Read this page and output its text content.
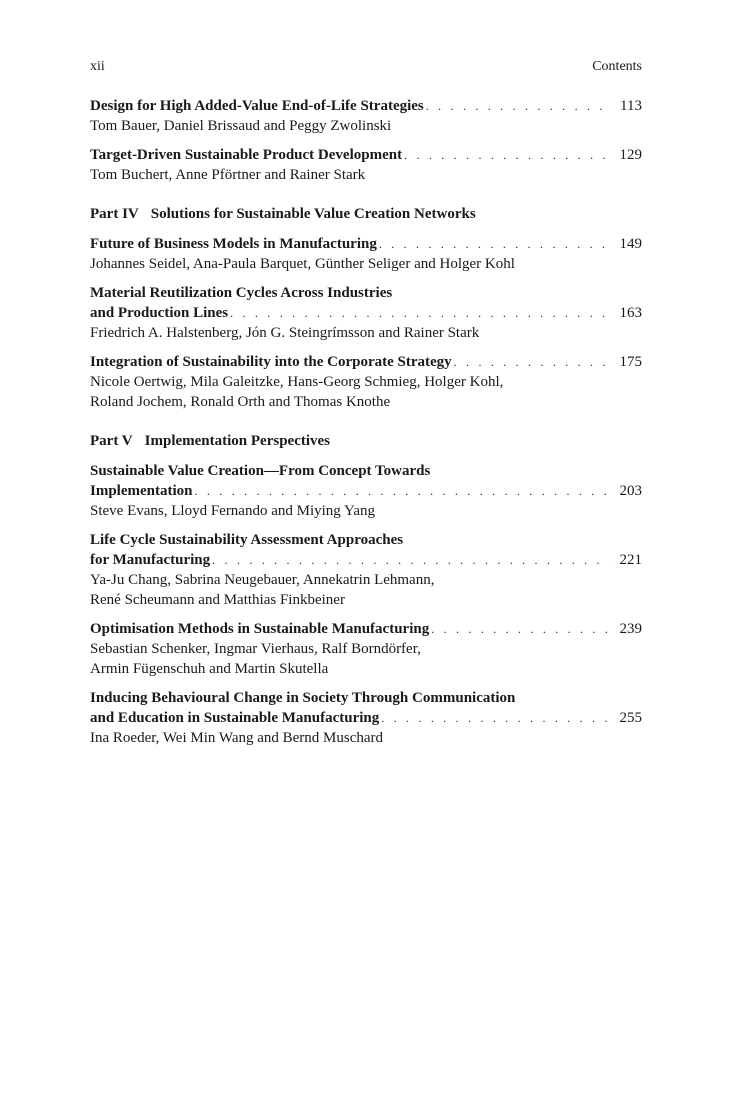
xii	Contents
Design for High Added-Value End-of-Life Strategies . . .	113
Tom Bauer, Daniel Brissaud and Peggy Zwolinski
Target-Driven Sustainable Product Development . . .	129
Tom Buchert, Anne Pförtner and Rainer Stark
Part IV Solutions for Sustainable Value Creation Networks
Future of Business Models in Manufacturing . . .	149
Johannes Seidel, Ana-Paula Barquet, Günther Seliger and Holger Kohl
Material Reutilization Cycles Across Industries
and Production Lines . . .	163
Friedrich A. Halstenberg, Jón G. Steingrímsson and Rainer Stark
Integration of Sustainability into the Corporate Strategy . . .	175
Nicole Oertwig, Mila Galeitzke, Hans-Georg Schmieg, Holger Kohl,
Roland Jochem, Ronald Orth and Thomas Knothe
Part V Implementation Perspectives
Sustainable Value Creation—From Concept Towards
Implementation . . .	203
Steve Evans, Lloyd Fernando and Miying Yang
Life Cycle Sustainability Assessment Approaches
for Manufacturing . . .	221
Ya-Ju Chang, Sabrina Neugebauer, Annekatrin Lehmann,
René Scheumann and Matthias Finkbeiner
Optimisation Methods in Sustainable Manufacturing . . .	239
Sebastian Schenker, Ingmar Vierhaus, Ralf Borndörfer,
Armin Fügenschuh and Martin Skutella
Inducing Behavioural Change in Society Through Communication
and Education in Sustainable Manufacturing . . .	255
Ina Roeder, Wei Min Wang and Bernd Muschard
